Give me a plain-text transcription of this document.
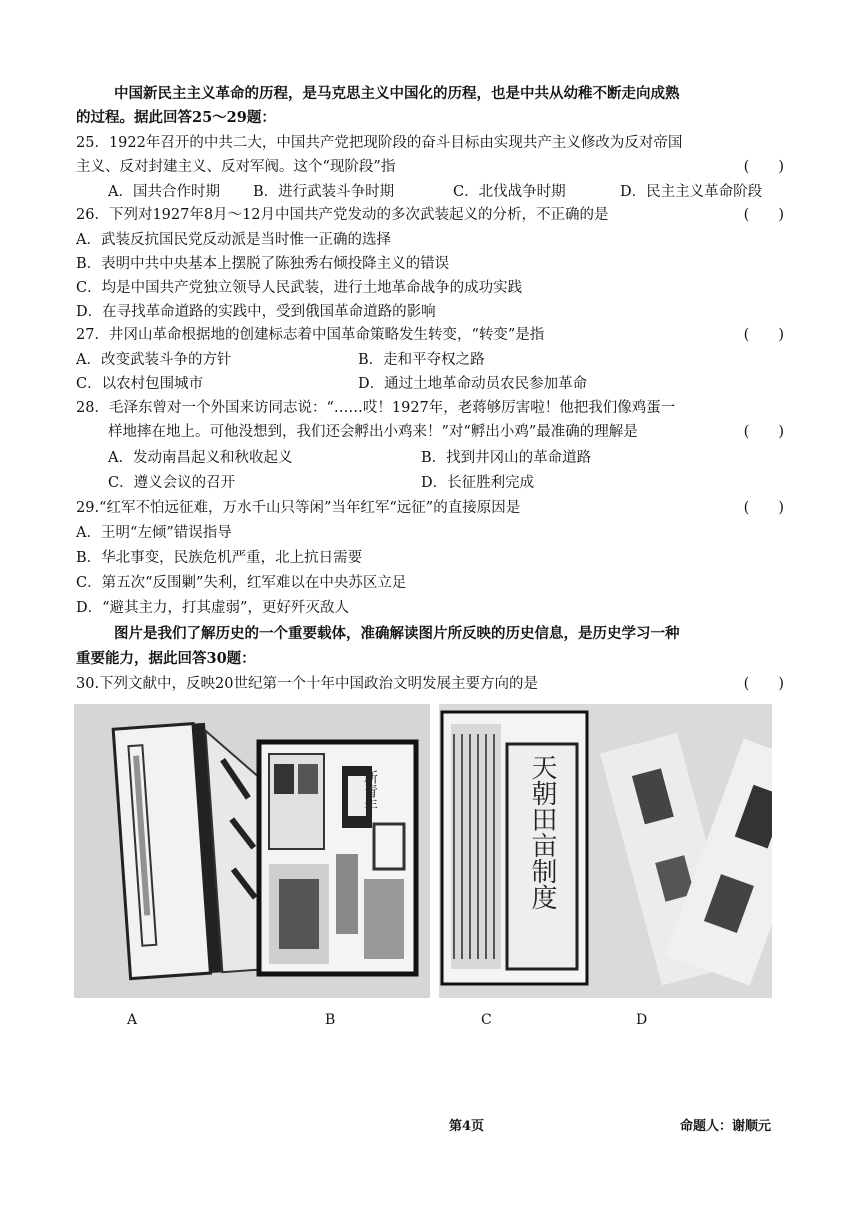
中国新民主主义革命的历程，是马克思主义中国化的历程，也是中共从幼稚不断走向成熟
的过程。据此回答25～29题：
25．1922年召开的中共二大，中国共产党把现阶段的奋斗目标由实现共产主义修改为反对帝国
主义、反对封建主义、反对军阀。这个“现阶段”指	(　　)
A．国共合作时期 B．进行武装斗争时期	C．北伐战争时期	D．民主主义革命阶段
26．下列对1927年8月～12月中国共产党发动的多次武装起义的分析，不正确的是	(　　)
A．武装反抗国民党反动派是当时惟一正确的选择
B．表明中共中央基本上摆脱了陈独秀右倾投降主义的错误
C．均是中国共产党独立领导人民武装，进行土地革命战争的成功实践
D．在寻找革命道路的实践中，受到俄国革命道路的影响
27．井冈山革命根据地的创建标志着中国革命策略发生转变，“转变”是指	(　　)
A．改变武装斗争的方针	B．走和平夺权之路
C．以农村包围城市	D．通过土地革命动员农民参加革命
28．毛泽东曾对一个外国来访同志说：“……哎！1927年，老蒋够厉害啦！他把我们像鸡蛋一
样地摔在地上。可他没想到，我们还会孵出小鸡来！”对“孵出小鸡”最准确的理解是	(　　)
A．发动南昌起义和秋收起义	B．找到井冈山的革命道路
C．遵义会议的召开	D．长征胜利完成
29.“红军不怕远征难，万水千山只等闲”当年红军“远征”的直接原因是	(　　)
A．王明“左倾”错误指导
B．华北事变，民族危机严重，北上抗日需要
C．第五次“反围剿”失利，红军难以在中央苏区立足
D．“避其主力，打其虚弱”，更好歼灭敌人
图片是我们了解历史的一个重要载体，准确解读图片所反映的历史信息，是历史学习一种
重要能力，据此回答30题：
30.下列文献中，反映20世纪第一个十年中国政治文明发展主要方向的是	(　　)
新青年	天朝田亩制度
A	B	C	D
第4页	命题人：谢顺元
